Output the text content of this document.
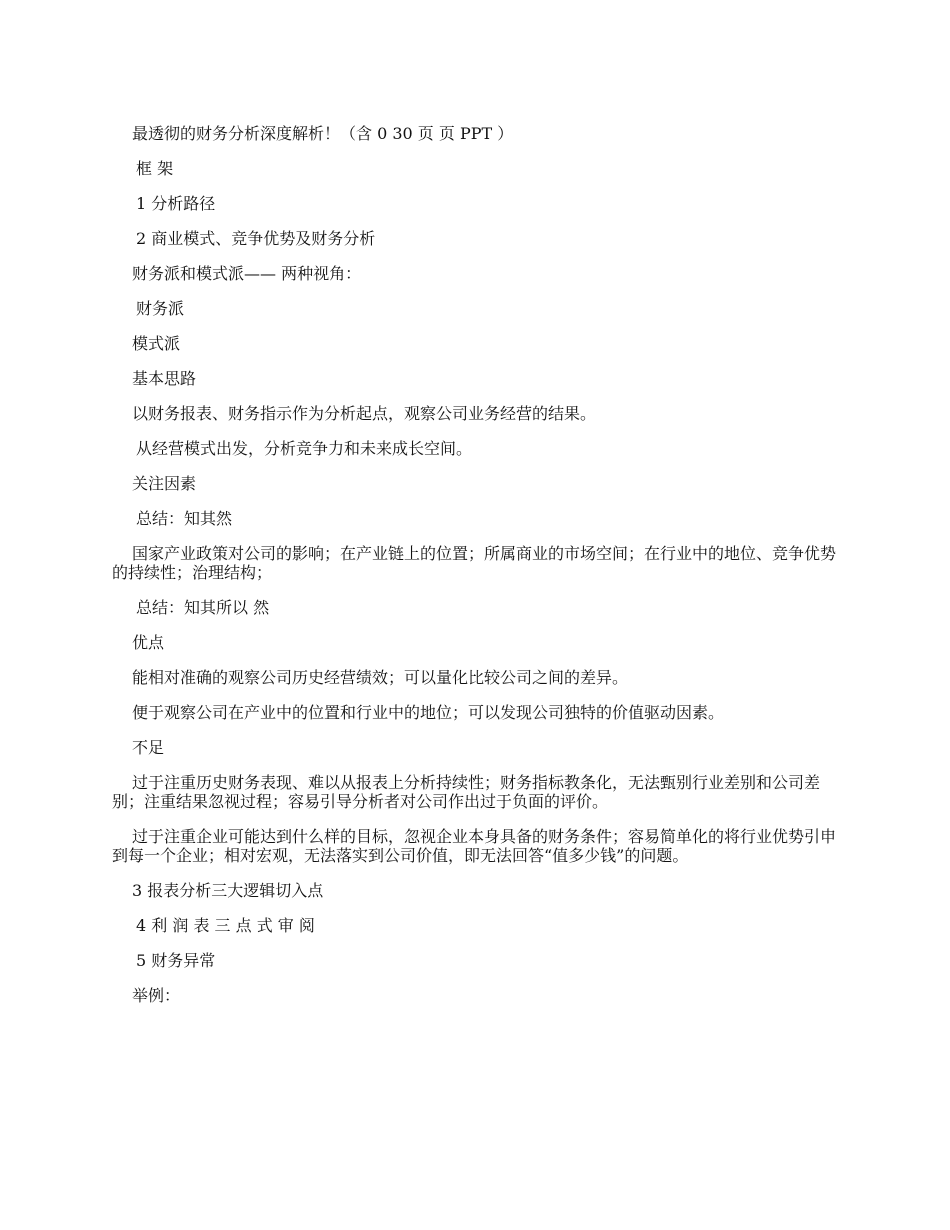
最透彻的财务分析深度解析！（含 0 30 页 页 PPT ）

框 架

1 分析路径

2 商业模式、竞争优势及财务分析

财务派和模式派—— 两种视角：

财务派

模式派

基本思路

以财务报表、财务指示作为分析起点，观察公司业务经营的结果。

从经营模式出发，分析竞争力和未来成长空间。

关注因素

总结：知其然

国家产业政策对公司的影响；在产业链上的位置；所属商业的市场空间；在行业中的地位、竞争优势的持续性；治理结构；

总结：知其所以 然

优点

能相对准确的观察公司历史经营绩效；可以量化比较公司之间的差异。

便于观察公司在产业中的位置和行业中的地位；可以发现公司独特的价值驱动因素。

不足

过于注重历史财务表现、难以从报表上分析持续性；财务指标教条化，无法甄别行业差别和公司差别；注重结果忽视过程；容易引导分析者对公司作出过于负面的评价。

过于注重企业可能达到什么样的目标，忽视企业本身具备的财务条件；容易简单化的将行业优势引申到每一个企业；相对宏观，无法落实到公司价值，即无法回答“值多少钱”的问题。

3 报表分析三大逻辑切入点

4 利 润 表 三 点 式 审 阅

5 财务异常

举例：
